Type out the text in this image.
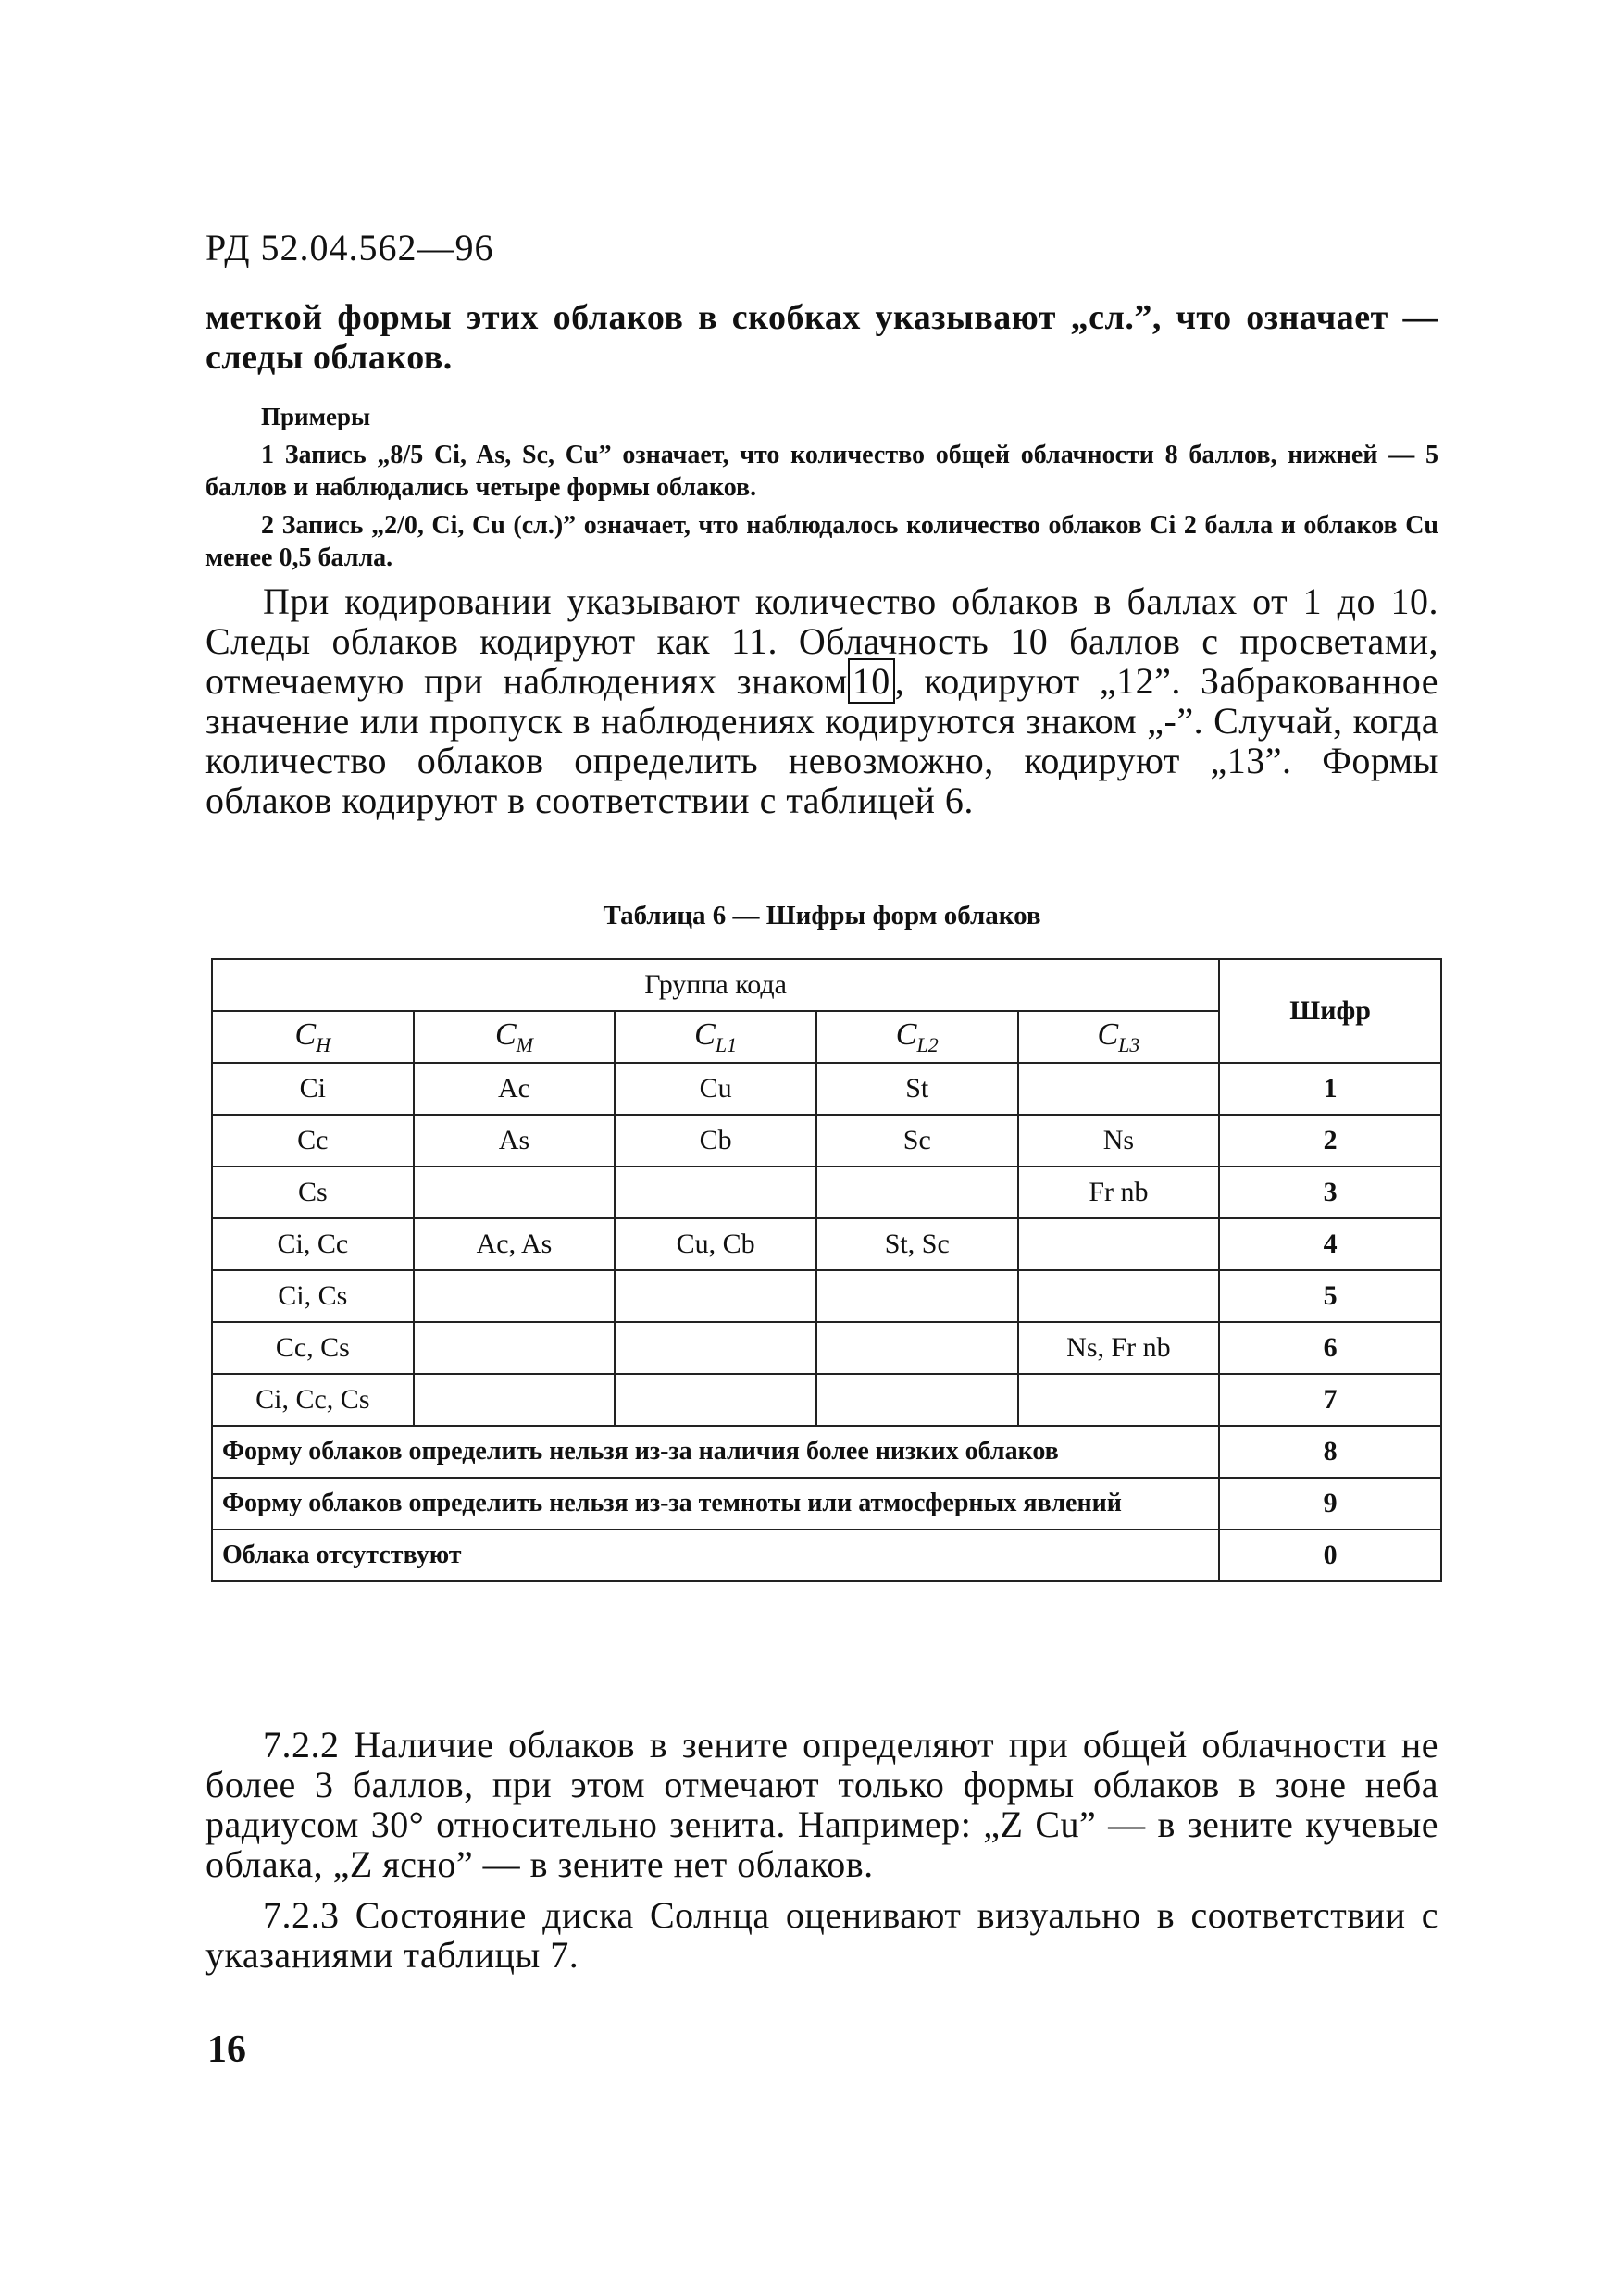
РД 52.04.562—96
меткой формы этих облаков в скобках указывают „сл.”, что означает — следы облаков.
Примеры
1 Запись „8/5 Ci, As, Sc, Cu” означает, что количество общей облачности 8 баллов, нижней — 5 баллов и наблюдались четыре формы облаков.
2 Запись „2/0, Ci, Cu (сл.)” означает, что наблюдалось количество облаков Ci 2 балла и облаков Cu менее 0,5 балла.
При кодировании указывают количество облаков в баллах от 1 до 10. Следы облаков кодируют как 11. Облачность 10 баллов с просветами, отмечаемую при наблюдениях знаком 10 , кодируют „12”. Забракованное значение или пропуск в наблюдениях кодируются знаком „-”. Случай, когда количество облаков определить невозможно, кодируют „13”. Формы облаков кодируют в соответствии с таблицей 6.
Таблица 6 — Шифры форм облаков
Группа кода					Шифр
$C_H$	$C_M$	$C_{L1}$	$C_{L2}$	$C_{L3}$
Ci	Ac	Cu	St		1
Cc	As	Cb	Sc	Ns	2
Cs				Fr nb	3
Ci, Cc	Ac, As	Cu, Cb	St, Sc		4
Ci, Cs					5
Cc, Cs				Ns, Fr nb	6
Ci, Cc, Cs					7
Форму облаков определить нельзя из-за наличия более низких облаков					8
Форму облаков определить нельзя из-за темноты или атмосферных явлений					9
Облака отсутствуют					0
7.2.2 Наличие облаков в зените определяют при общей облачности не более 3 баллов, при этом отмечают только формы облаков в зоне неба радиусом 30° относительно зенита. Например: „Z Cu” — в зените кучевые облака, „Z ясно” — в зените нет облаков.
7.2.3 Состояние диска Солнца оценивают визуально в соответствии с указаниями таблицы 7.
16
